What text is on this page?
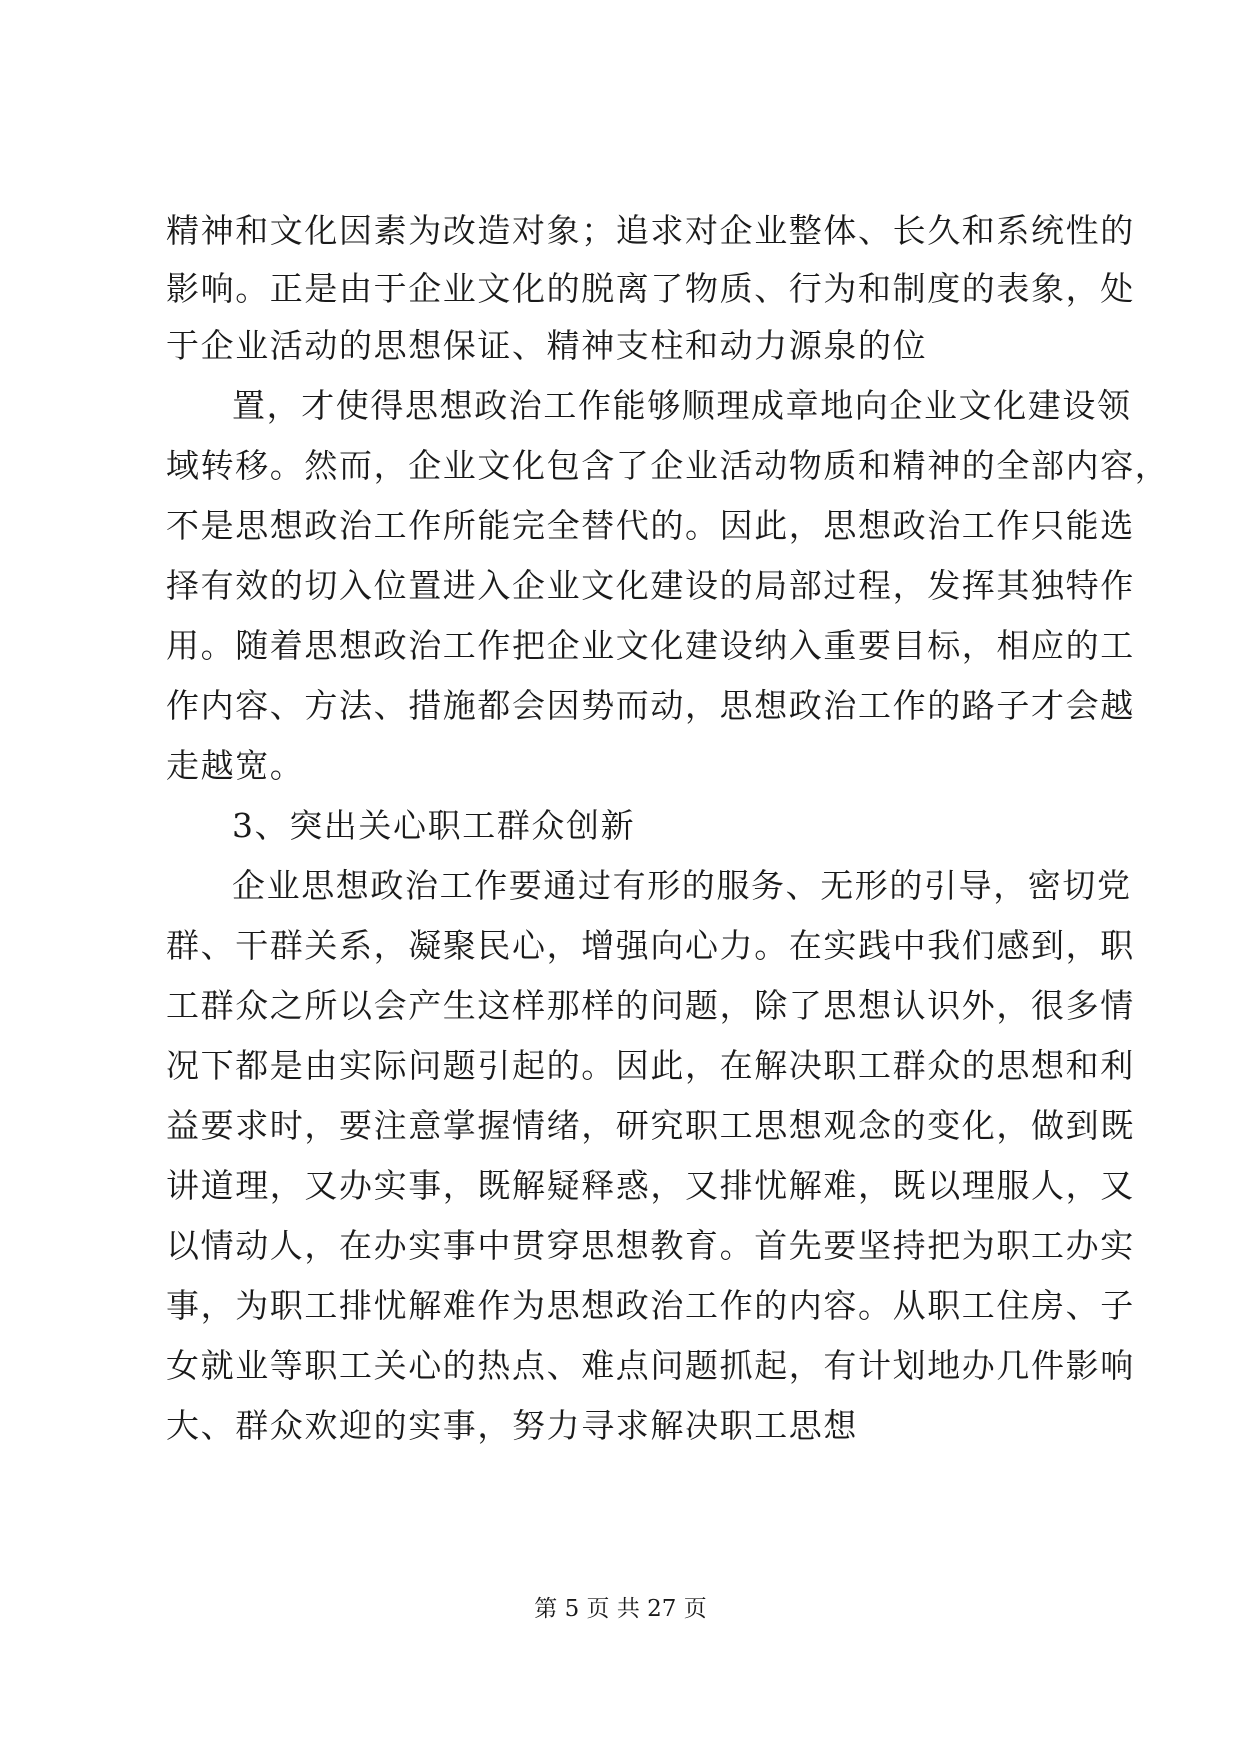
精神和文化因素为改造对象；追求对企业整体、长久和系统性的
影响。正是由于企业文化的脱离了物质、行为和制度的表象，处
于企业活动的思想保证、精神支柱和动力源泉的位
置，才使得思想政治工作能够顺理成章地向企业文化建设领
域转移。然而，企业文化包含了企业活动物质和精神的全部内容，
不是思想政治工作所能完全替代的。因此，思想政治工作只能选
择有效的切入位置进入企业文化建设的局部过程，发挥其独特作
用。随着思想政治工作把企业文化建设纳入重要目标，相应的工
作内容、方法、措施都会因势而动，思想政治工作的路子才会越
走越宽。
3、突出关心职工群众创新
企业思想政治工作要通过有形的服务、无形的引导，密切党
群、干群关系，凝聚民心，增强向心力。在实践中我们感到，职
工群众之所以会产生这样那样的问题，除了思想认识外，很多情
况下都是由实际问题引起的。因此，在解决职工群众的思想和利
益要求时，要注意掌握情绪，研究职工思想观念的变化，做到既
讲道理，又办实事，既解疑释惑，又排忧解难，既以理服人，又
以情动人，在办实事中贯穿思想教育。首先要坚持把为职工办实
事，为职工排忧解难作为思想政治工作的内容。从职工住房、子
女就业等职工关心的热点、难点问题抓起，有计划地办几件影响
大、群众欢迎的实事，努力寻求解决职工思想
第 5 页 共 27 页
